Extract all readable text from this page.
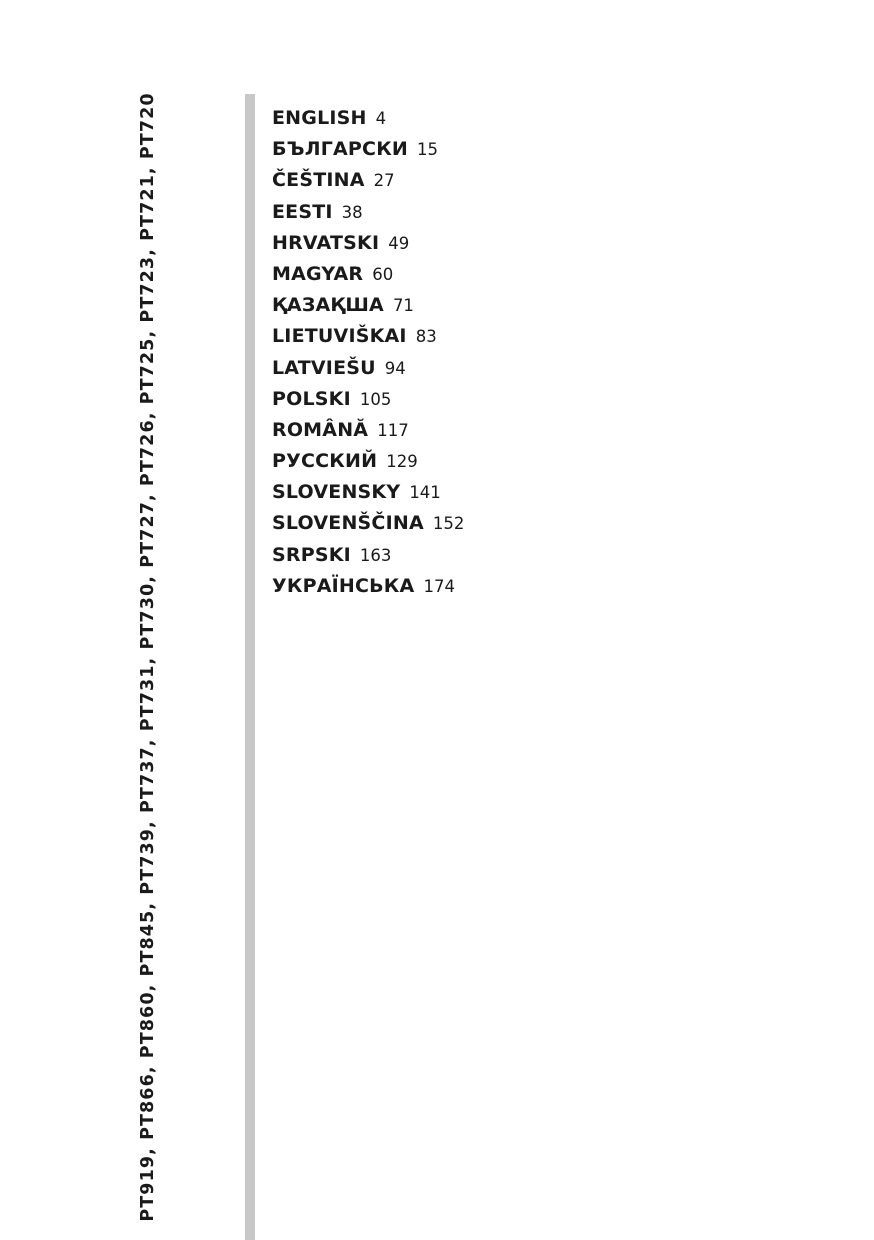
PT919, PT866, PT860, PT845, PT739, PT737, PT731, PT730, PT727, PT726, PT725, PT723, PT721, PT720	ENGLISH 4
БЪЛГАРСКИ 15
ČEŠTINA 27
EESTI 38
HRVATSKI 49
MAGYAR 60
ҚАЗАҚША 71
LIETUVIŠKAI 83
LATVIEŠU 94
POLSKI 105
ROMÂNĂ 117
РУССКИЙ 129
SLOVENSKY 141
SLOVENŠČINA 152
SRPSKI 163
УКРАЇНСЬКА 174
